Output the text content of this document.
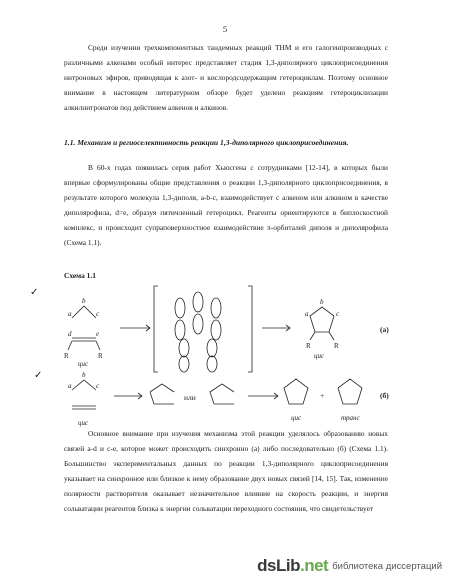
5
Среди изучении трехкомпонентных тандемных реакций ТНМ и его галогенпроизводных с различными алкенами особый интерес представляет стадия 1,3-диполярного циклоприсоединения нитроновых эфиров, приводящая к азот- и кислородсодержащим гетероциклам. Поэтому основное внимание в настоящем литературном обзоре будет уделено реакциям гетероциклизации алкилнитронатов под действием алкенов и алкинов.
1.1. Механизм и региоселективность реакции 1,3-диполярного циклоприсоединения.
В 60-х годах появилась серия работ Хьюсгена с сотрудниками [12-14], в которых были впервые сформулированы общие представления о реакции 1,3-диполярного циклоприсоединения, в результате которого молекула 1,3-диполя, a-b-c, взаимодействует с алкеном или алкином в качестве диполярофила, d=e, образуя пятичленный гетероцикл. Реагенты ориентируются в биплоскостной комплекс, и происходит супраповерхностное взаимодействие π-орбиталей диполя и диполярофила (Схема 1.1).
Схема 1.1
a
b
c
d	e
R	R
цис
b
a	c
R	R
цис
a
b
c
цис
цис	транс
или	+
(а)
(б)
Основное внимание при изучения механизма этой реакции уделялось образованию новых связей a-d и c-e, которое может происходить синхронно (а) либо последовательно (б) (Схема 1.1). Большинство экспериментальных данных по реакции 1,3-диполярного циклоприсоединения указывает на синхронное или близкое к нему образование двух новых связей [14, 15]. Так, изменение полярности растворителя оказывает незначительное влияние на скорость реакции, и энергия сольватации реагентов близка к энергии сольватации переходного состояния, что свидетельствует
✓
✓
dsLib.net библиотека диссертаций
